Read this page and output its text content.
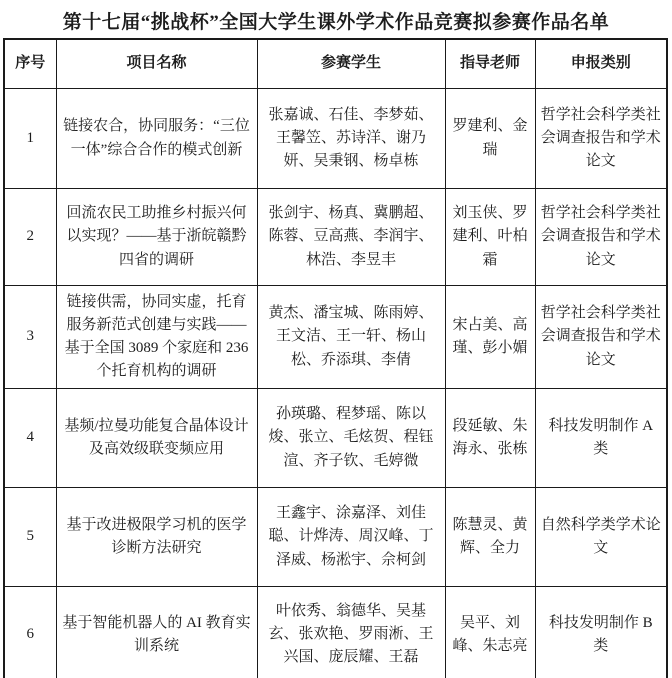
第十七届“挑战杯”全国大学生课外学术作品竞赛拟参赛作品名单
序号	项目名称	参赛学生	指导老师	申报类别
1	链接农合，协同服务：“三位一体”综合合作的模式创新	张嘉诚、石佳、李梦茹、王馨笠、苏诗洋、谢乃妍、吴秉钢、杨卓栋	罗建利、金瑞	哲学社会科学类社会调查报告和学术论文
2	回流农民工助推乡村振兴何以实现？——基于浙皖赣黔四省的调研	张剑宇、杨真、冀鹏超、陈蓉、豆高燕、李润宇、林浩、李昱丰	刘玉侠、罗建利、叶柏霜	哲学社会科学类社会调查报告和学术论文
3	链接供需，协同实虚，托育服务新范式创建与实践——基于全国 3089 个家庭和 236 个托育机构的调研	黄杰、潘宝城、陈雨婷、王文洁、王一轩、杨山松、乔添琪、李倩	宋占美、高瑾、彭小媚	哲学社会科学类社会调查报告和学术论文
4	基频/拉曼功能复合晶体设计及高效级联变频应用	孙瑛璐、程梦瑶、陈以焌、张立、毛炫贺、程钰渲、齐子钦、毛婷微	段延敏、朱海永、张栋	科技发明制作 A 类
5	基于改进极限学习机的医学诊断方法研究	王鑫宇、涂嘉泽、刘佳聪、计烨涛、周汉峰、丁泽威、杨淞宇、佘柯剑	陈慧灵、黄辉、全力	自然科学类学术论文
6	基于智能机器人的 AI 教育实训系统	叶依秀、翁德华、吴基玄、张欢艳、罗雨淅、王兴国、庞辰耀、王磊	吴平、刘峰、朱志亮	科技发明制作 B 类
